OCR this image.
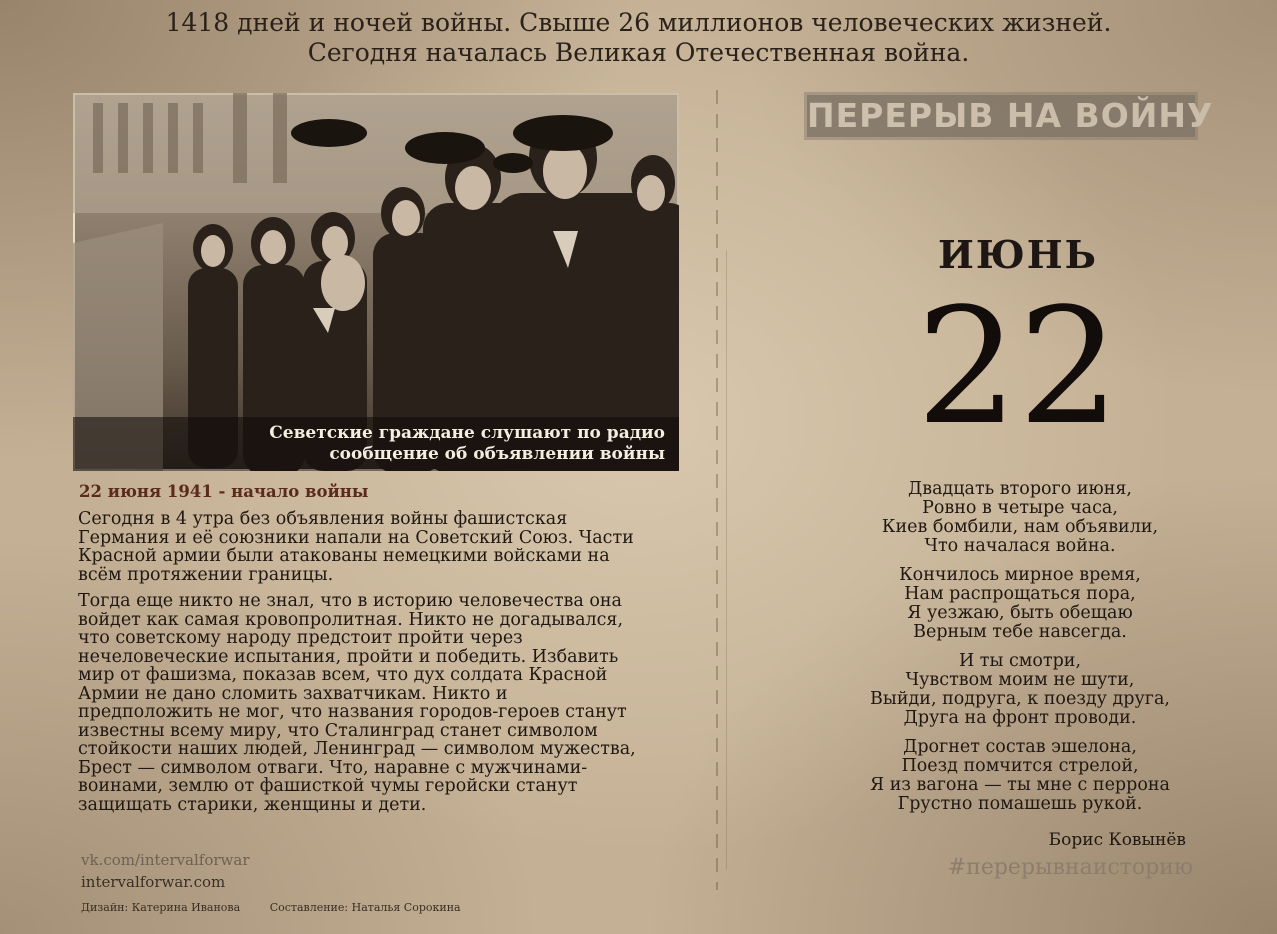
1418 дней и ночей войны. Свыше 26 миллионов человеческих жизней.
Сегодня началась Великая Отечественная война.
Севетские граждане слушают по радио
сообщение об объявлении войны
22 июня 1941 - начало войны

Сегодня в 4 утра без объявления войны фашистская
Германия и её союзники напали на Советский Союз. Части
Красной армии были атакованы немецкими войсками на
всём протяжении границы.

Тогда еще никто не знал, что в историю человечества она
войдет как самая кровопролитная. Никто не догадывался,
что советскому народу предстоит пройти через
нечеловеческие испытания, пройти и победить. Избавить
мир от фашизма, показав всем, что дух солдата Красной
Армии не дано сломить захватчикам. Никто и
предположить не мог, что названия городов-героев станут
известны всему миру, что Сталинград станет символом
стойкости наших людей, Ленинград — символом мужества,
Брест — символом отваги. Что, наравне с мужчинами-
воинами, землю от фашисткой чумы геройски станут
защищать старики, женщины и дети.

vk.com/intervalforwar
intervalforwar.com
Дизайн: Катерина Иванова	Составление: Наталья Сорокина
ПЕРЕРЫВ НА ВОЙНУ
ИЮНЬ
22
Двадцать второго июня,
Ровно в четыре часа,
Киев бомбили, нам объявили,
Что началася война.
Кончилось мирное время,
Нам распрощаться пора,
Я уезжаю, быть обещаю
Верным тебе навсегда.
И ты смотри,
Чувством моим не шути,
Выйди, подруга, к поезду друга,
Друга на фронт проводи.
Дрогнет состав эшелона,
Поезд помчится стрелой,
Я из вагона — ты мне с перрона
Грустно помашешь рукой.
Борис Ковынёв
#перерывнаисторию
